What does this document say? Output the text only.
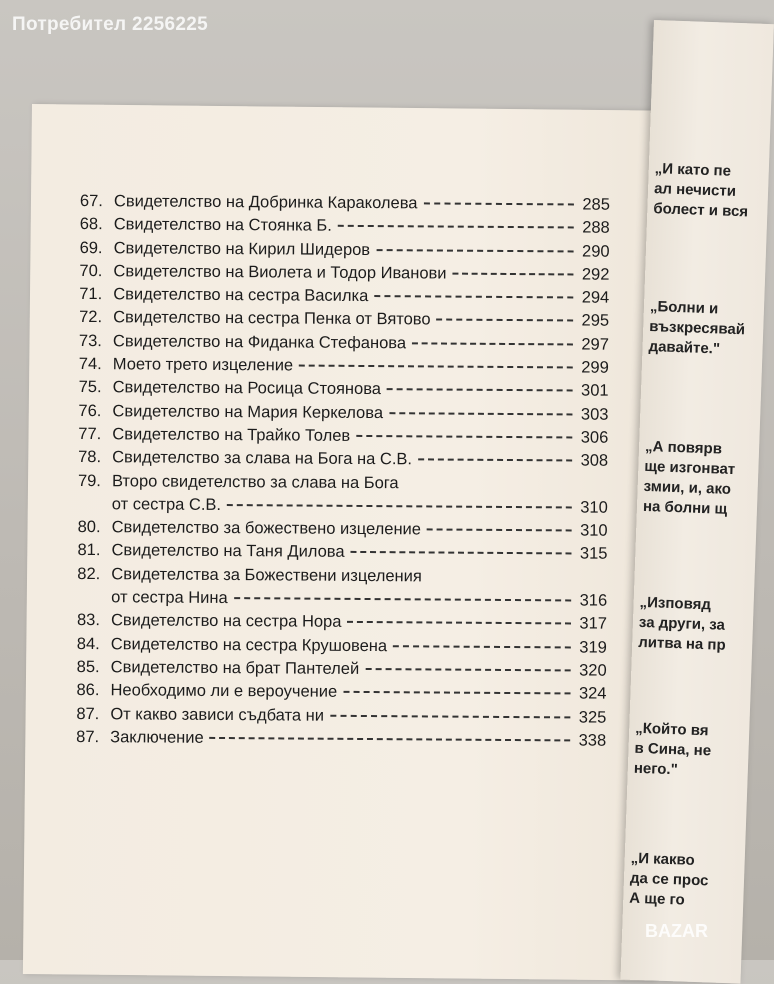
„И като пе
ал нечисти
болест и вся
„Болни и
възкресявай
давайте."
„А повярв
ще изгонват
змии, и, ако
на болни щ
„Изповяд
за други, за
литва на пр
„Който вя
в Сина, не
него."
„И какво
да се прос
А ще го
Потребител 2256225
67. Свидетелство на Добринка Караколева	285
68. Свидетелство на Стоянка Б.	288
69. Свидетелство на Кирил Шидеров	290
70. Свидетелство на Виолета и Тодор Иванови	292
71. Свидетелство на сестра Василка	294
72. Свидетелство на сестра Пенка от Вятово	295
73. Свидетелство на Фиданка Стефанова	297
74. Моето трето изцеление	299
75. Свидетелство на Росица Стоянова	301
76. Свидетелство на Мария Керкелова	303
77. Свидетелство на Трайко Толев	306
78. Свидетелство за слава на Бога на С.В.	308
79. Второ свидетелство за слава на Бога
от сестра С.В.	310
80. Свидетелство за божествено изцеление	310
81. Свидетелство на Таня Дилова	315
82. Свидетелства за Божествени изцеления
от сестра Нина	316
83. Свидетелство на сестра Нора	317
84. Свидетелство на сестра Крушовена	319
85. Свидетелство на брат Пантелей	320
86. Необходимо ли е вероучение	324
87. От какво зависи съдбата ни	325
87. Заключение	338
BAZAR
